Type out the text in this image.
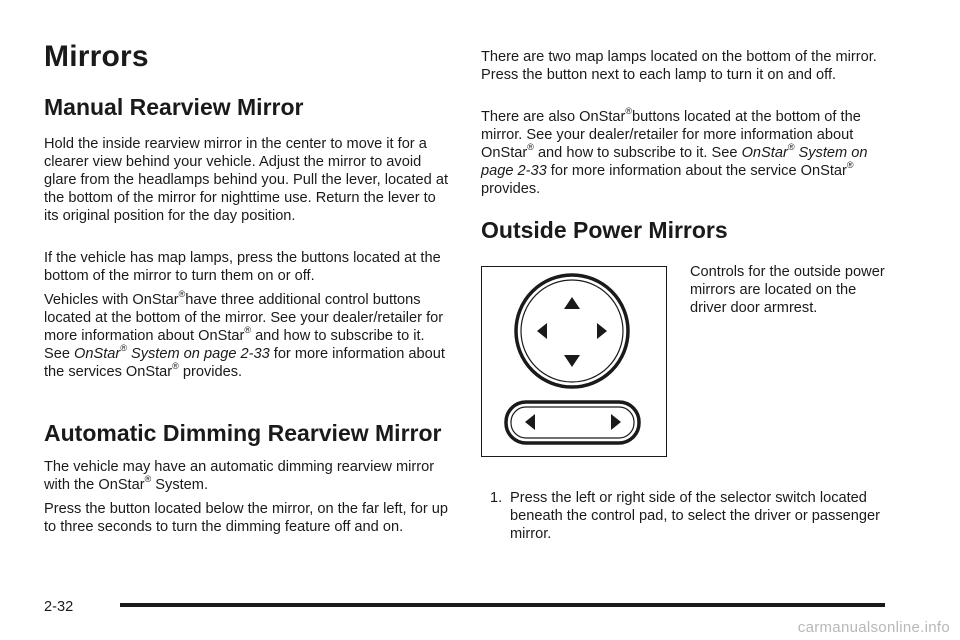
Mirrors
Manual Rearview Mirror

Hold the inside rearview mirror in the center to move it for a clearer view behind your vehicle. Adjust the mirror to avoid glare from the headlamps behind you. Pull the lever, located at the bottom of the mirror for nighttime use. Return the lever to its original position for the day position.

If the vehicle has map lamps, press the buttons located at the bottom of the mirror to turn them on or off.

Vehicles with OnStar®have three additional control buttons located at the bottom of the mirror. See your dealer/retailer for more information about OnStar® and how to subscribe to it. See OnStar® System on page 2-33 for more information about the services OnStar® provides.

Automatic Dimming Rearview Mirror

The vehicle may have an automatic dimming rearview mirror with the OnStar® System.

Press the button located below the mirror, on the far left, for up to three seconds to turn the dimming feature off and on.

There are two map lamps located on the bottom of the mirror. Press the button next to each lamp to turn it on and off.

There are also OnStar®buttons located at the bottom of the mirror. See your dealer/retailer for more information about OnStar® and how to subscribe to it. See OnStar® System on page 2-33 for more information about the service OnStar® provides.

Outside Power Mirrors

Controls for the outside power mirrors are located on the driver door armrest.

1. Press the left or right side of the selector switch located beneath the control pad, to select the driver or passenger mirror.

2-32

carmanualsonline.info
